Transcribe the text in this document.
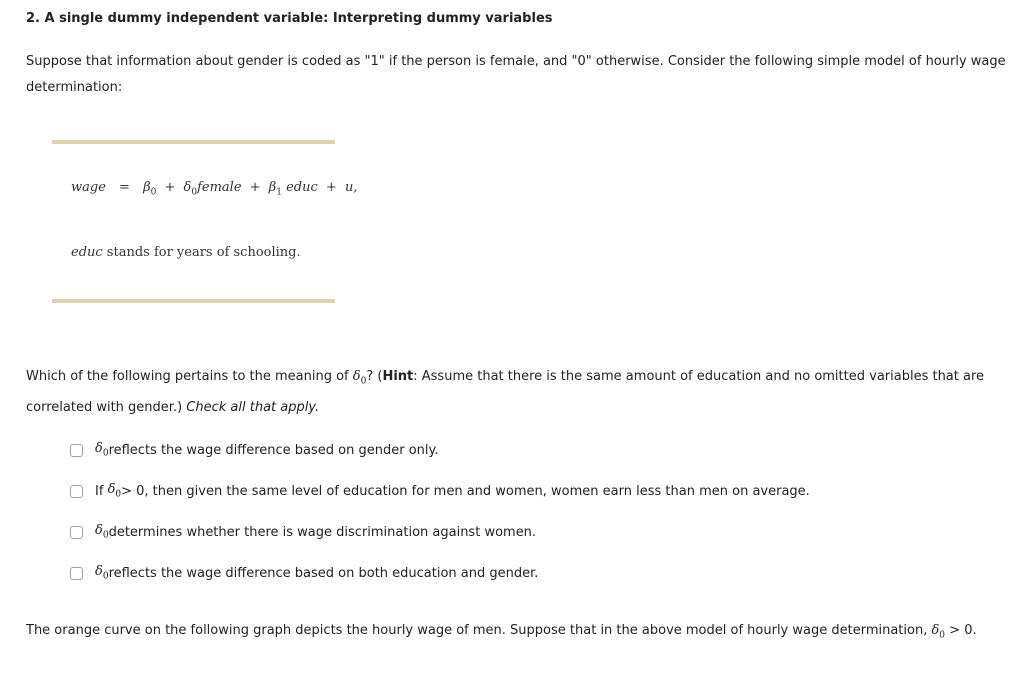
2. A single dummy independent variable: Interpreting dummy variables

Suppose that information about gender is coded as "1" if the person is female, and "0" otherwise. Consider the following simple model of hourly wage determination:

wage = $\beta_0$ + $\delta_0female + \beta_1$ educ + u,
educ stands for years of schooling.

Which of the following pertains to the meaning of $\delta_0$? (Hint: Assume that there is the same amount of education and no omitted variables that are correlated with gender.) Check all that apply.

$\delta_0$ reflects the wage difference based on gender only.
If
$\delta_0 > 0$, then given the same level of education for men and women, women earn less than men on average.
$\delta_0$ determines whether there is wage discrimination against women.
$\delta_0$ reflects the wage difference based on both education and gender.

The orange curve on the following graph depicts the hourly wage of men. Suppose that in the above model of hourly wage determination, $\delta_0 > 0$.
